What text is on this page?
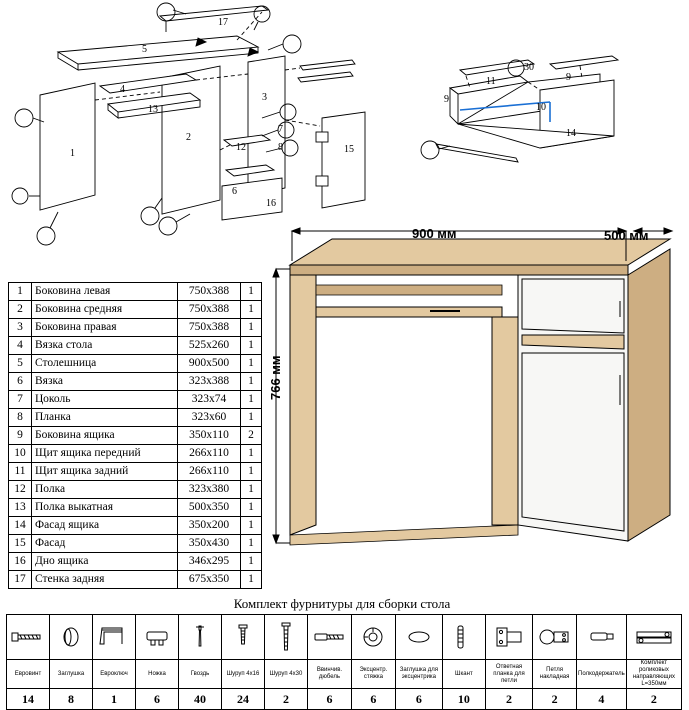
17
5
4
13
2
3
1
12
6
7
8	15
16
11	9
9
10
14
30
1	Боковина левая	750х388	1
2	Боковина средняя	750х388	1
3	Боковина правая	750х388	1
4	Вязка стола	525х260	1
5	Столешница	900х500	1
6	Вязка	323х388	1
7	Цоколь	323х74	1
8	Планка	323х60	1
9	Боковина ящика	350х110	2
10	Щит ящика передний	266х110	1
11	Щит ящика задний	266х110	1
12	Полка	323х380	1
13	Полка выкатная	500х350	1
14	Фасад ящика	350х200	1
15	Фасад	350х430	1
16	Дно ящика	346х295	1
17	Стенка задняя	675х350	1
900 мм	500 мм
766 мм
Комплект фурнитуры для сборки стола

Евровинт	Заглушка	Евроключ	Ножка	Гвоздь	Шуруп 4х16	Шуруп 4х30	Ввинчив. дюбель	Эксцентр. стяжка	Заглушка для эксцентрика	Шкант	Ответная планка для петли	Петля накладная	Полкодержатель	Комплект роликовых направляющих L=350мм
14	8	1	6	40	24	2	6	6	6	10	2	2	4	2
